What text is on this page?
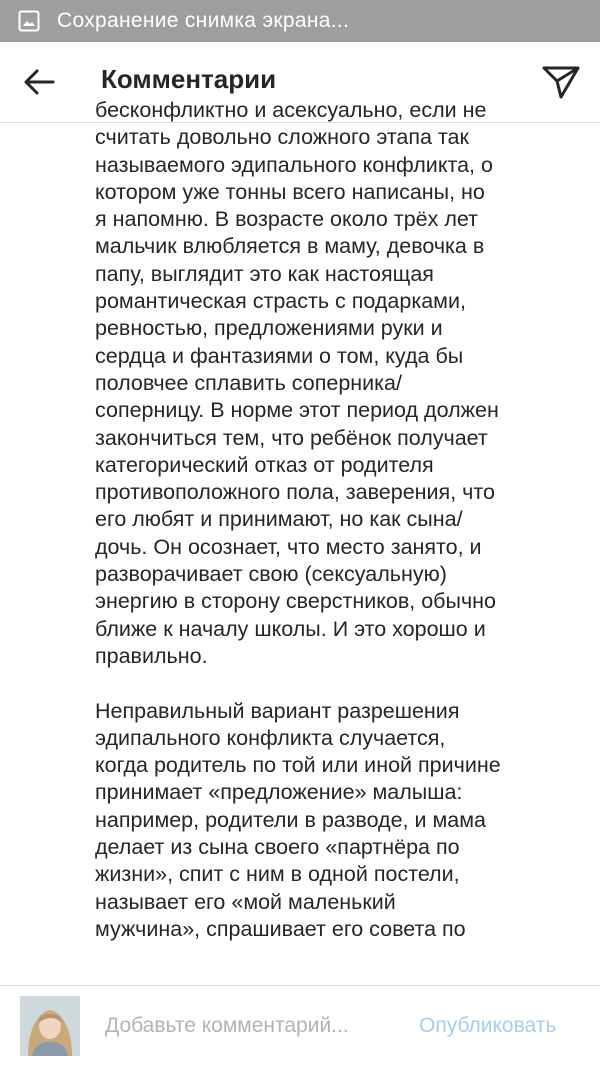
Сохранение снимка экрана...
Комментарии
бесконфликтно и асексуально, если не
считать довольно сложного этапа так
называемого эдипального конфликта, о
котором уже тонны всего написаны, но
я напомню. В возрасте около трёх лет
мальчик влюбляется в маму, девочка в
папу, выглядит это как настоящая
романтическая страсть с подарками,
ревностью, предложениями руки и
сердца и фантазиями о том, куда бы
половчее сплавить соперника/
соперницу. В норме этот период должен
закончиться тем, что ребёнок получает
категорический отказ от родителя
противоположного пола, заверения, что
его любят и принимают, но как сына/
дочь. Он осознает, что место занято, и
разворачивает свою (сексуальную)
энергию в сторону сверстников, обычно
ближе к началу школы. И это хорошо и
правильно.
Неправильный вариант разрешения
эдипального конфликта случается,
когда родитель по той или иной причине
принимает «предложение» малыша:
например, родители в разводе, и мама
делает из сына своего «партнёра по
жизни», спит с ним в одной постели,
называет его «мой маленький
мужчина», спрашивает его совета по
Добавьте комментарий...
Опубликовать
